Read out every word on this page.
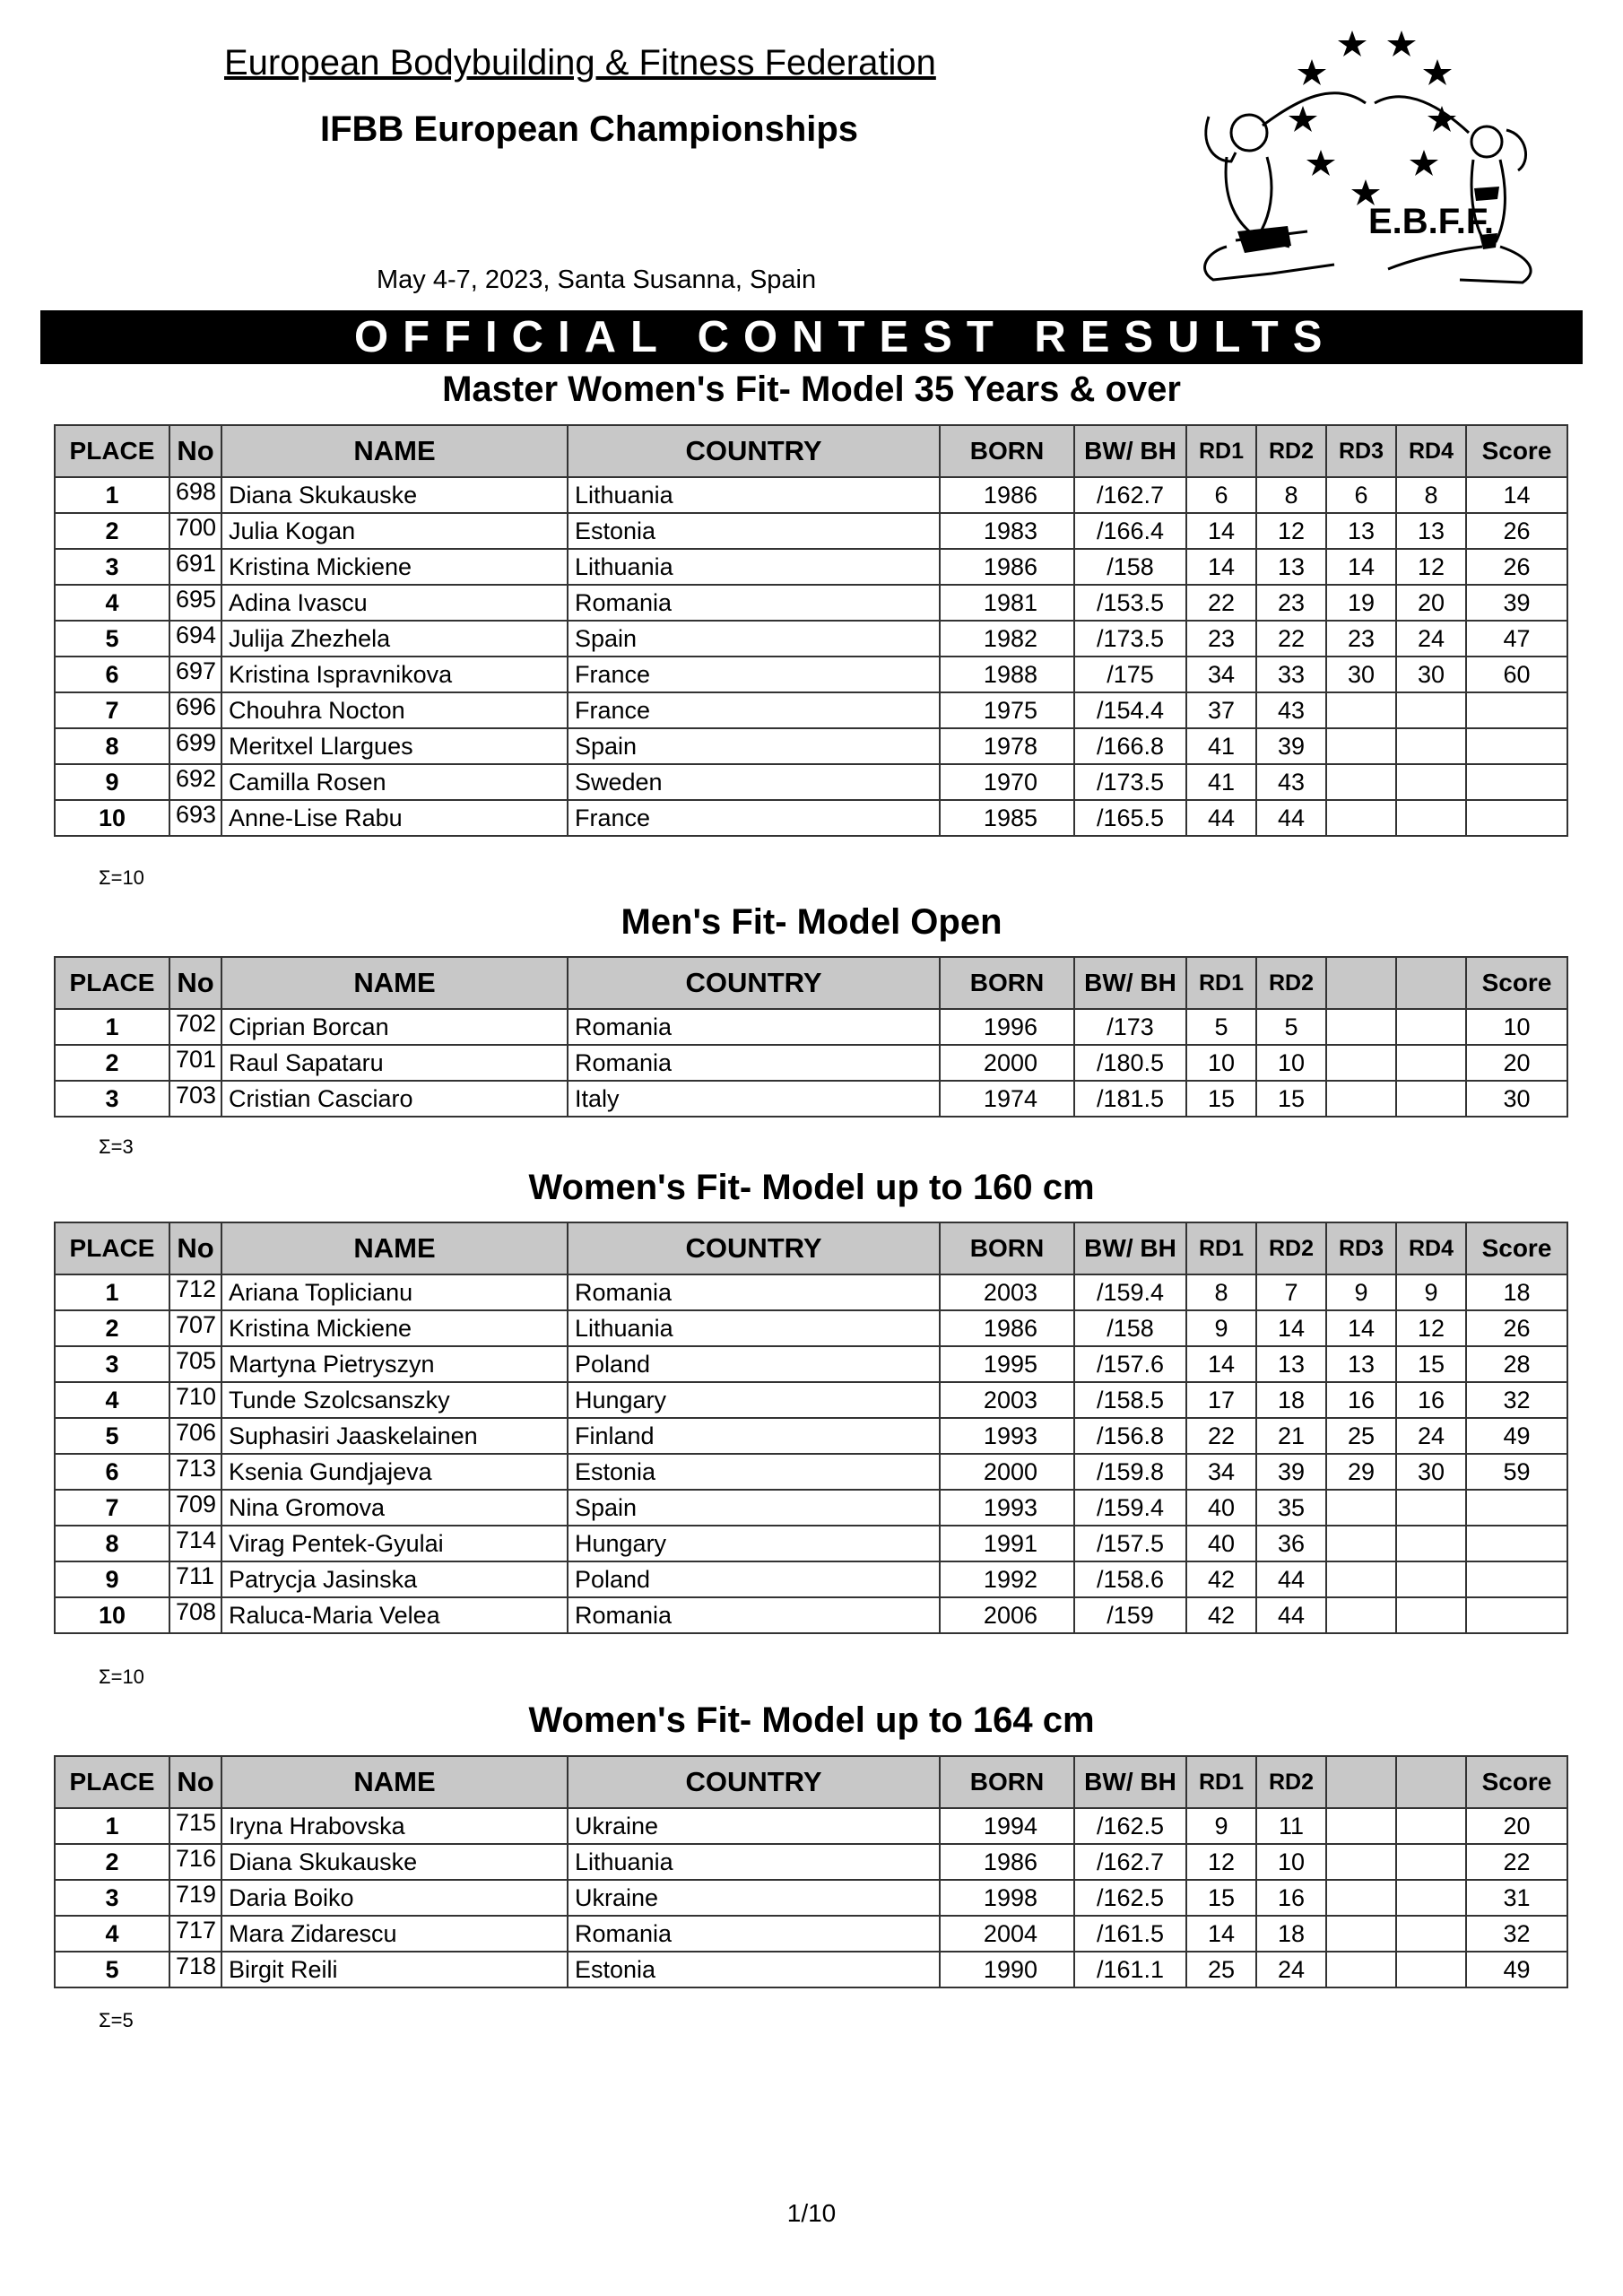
European Bodybuilding & Fitness Federation
IFBB European Championships
May 4-7, 2023, Santa Susanna, Spain
E.B.F.F.
OFFICIAL CONTEST RESULTS
Master Women's Fit- Model 35 Years & over
PLACE	No	NAME	COUNTRY	BORN	BW/ BH	RD1	RD2	RD3	RD4	Score
1	698	Diana Skukauske	Lithuania	1986	/162.7	6	8	6	8	14
2	700	Julia Kogan	Estonia	1983	/166.4	14	12	13	13	26
3	691	Kristina Mickiene	Lithuania	1986	/158	14	13	14	12	26
4	695	Adina Ivascu	Romania	1981	/153.5	22	23	19	20	39
5	694	Julija Zhezhela	Spain	1982	/173.5	23	22	23	24	47
6	697	Kristina Ispravnikova	France	1988	/175	34	33	30	30	60
7	696	Chouhra Nocton	France	1975	/154.4	37	43			
8	699	Meritxel Llargues	Spain	1978	/166.8	41	39			
9	692	Camilla Rosen	Sweden	1970	/173.5	41	43			
10	693	Anne-Lise Rabu	France	1985	/165.5	44	44			
Σ=10
Men's Fit- Model Open
PLACE	No	NAME	COUNTRY	BORN	BW/ BH	RD1	RD2			Score
1	702	Ciprian Borcan	Romania	1996	/173	5	5			10
2	701	Raul Sapataru	Romania	2000	/180.5	10	10			20
3	703	Cristian Casciaro	Italy	1974	/181.5	15	15			30
Σ=3
Women's Fit- Model up to 160 cm
PLACE	No	NAME	COUNTRY	BORN	BW/ BH	RD1	RD2	RD3	RD4	Score
1	712	Ariana Toplicianu	Romania	2003	/159.4	8	7	9	9	18
2	707	Kristina Mickiene	Lithuania	1986	/158	9	14	14	12	26
3	705	Martyna Pietryszyn	Poland	1995	/157.6	14	13	13	15	28
4	710	Tunde Szolcsanszky	Hungary	2003	/158.5	17	18	16	16	32
5	706	Suphasiri Jaaskelainen	Finland	1993	/156.8	22	21	25	24	49
6	713	Ksenia Gundjajeva	Estonia	2000	/159.8	34	39	29	30	59
7	709	Nina Gromova	Spain	1993	/159.4	40	35			
8	714	Virag Pentek-Gyulai	Hungary	1991	/157.5	40	36			
9	711	Patrycja Jasinska	Poland	1992	/158.6	42	44			
10	708	Raluca-Maria Velea	Romania	2006	/159	42	44			
Σ=10
Women's Fit- Model up to 164 cm
PLACE	No	NAME	COUNTRY	BORN	BW/ BH	RD1	RD2			Score
1	715	Iryna Hrabovska	Ukraine	1994	/162.5	9	11			20
2	716	Diana Skukauske	Lithuania	1986	/162.7	12	10			22
3	719	Daria Boiko	Ukraine	1998	/162.5	15	16			31
4	717	Mara Zidarescu	Romania	2004	/161.5	14	18			32
5	718	Birgit Reili	Estonia	1990	/161.1	25	24			49
Σ=5
1/10
